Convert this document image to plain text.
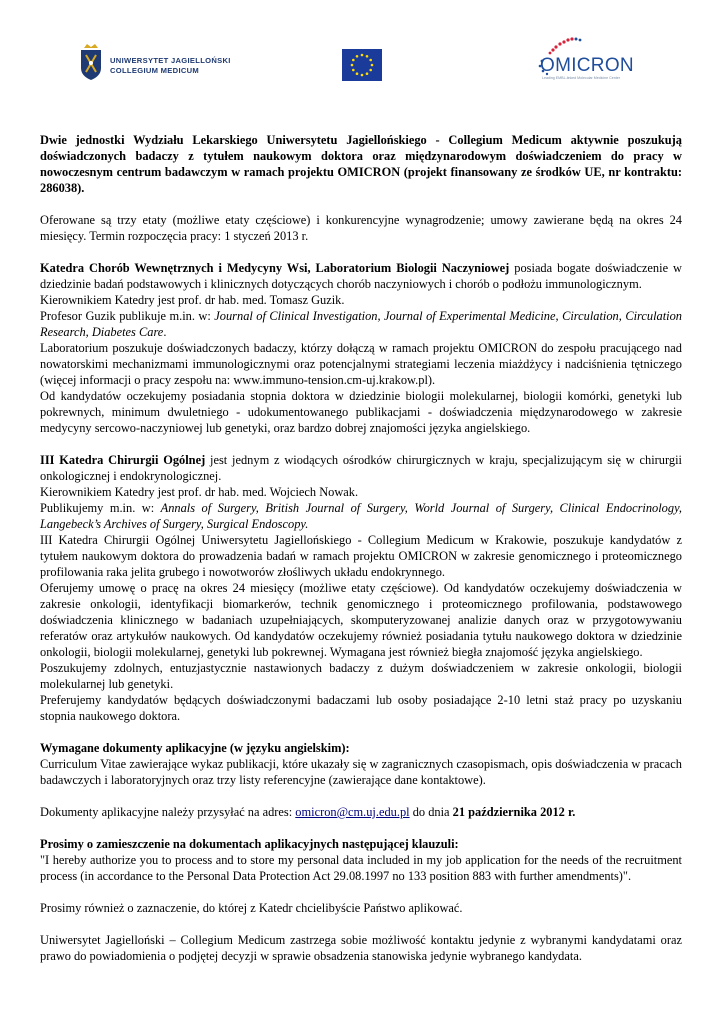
UNIWERSYTET JAGIELLOŃSKI
COLLEGIUM MEDICUM	OMICRON
Leading EMBL-linked Molecular Medicine Center

Dwie jednostki Wydziału Lekarskiego Uniwersytetu Jagiellońskiego - Collegium Medicum aktywnie poszukują doświadczonych badaczy z tytułem naukowym doktora oraz międzynarodowym doświadczeniem do pracy w nowoczesnym centrum badawczym w ramach projektu OMICRON (projekt finansowany ze środków UE, nr kontraktu: 286038).

Oferowane są trzy etaty (możliwe etaty częściowe) i konkurencyjne wynagrodzenie; umowy zawierane będą na okres 24 miesięcy. Termin rozpoczęcia pracy: 1 styczeń 2013 r.

Katedra Chorób Wewnętrznych i Medycyny Wsi, Laboratorium Biologii Naczyniowej posiada bogate doświadczenie w dziedzinie badań podstawowych i klinicznych dotyczących chorób naczyniowych i chorób o podłożu immunologicznym.

Kierownikiem Katedry jest prof. dr hab. med. Tomasz Guzik.

Profesor Guzik publikuje m.in. w: Journal of Clinical Investigation, Journal of Experimental Medicine, Circulation, Circulation Research, Diabetes Care.

Laboratorium poszukuje doświadczonych badaczy, którzy dołączą w ramach projektu OMICRON do zespołu pracującego nad nowatorskimi mechanizmami immunologicznymi oraz potencjalnymi strategiami leczenia miażdżycy i nadciśnienia tętniczego (więcej informacji o pracy zespołu na: www.immuno-tension.cm-uj.krakow.pl).

Od kandydatów oczekujemy posiadania stopnia doktora w dziedzinie biologii molekularnej, biologii komórki, genetyki lub pokrewnych, minimum dwuletniego - udokumentowanego publikacjami - doświadczenia międzynarodowego w zakresie medycyny sercowo-naczyniowej lub genetyki, oraz bardzo dobrej znajomości języka angielskiego.

III Katedra Chirurgii Ogólnej jest jednym z wiodących ośrodków chirurgicznych w kraju, specjalizującym się w chirurgii onkologicznej i endokrynologicznej.

Kierownikiem Katedry jest prof. dr hab. med. Wojciech Nowak.

Publikujemy m.in. w: Annals of Surgery, British Journal of Surgery, World Journal of Surgery, Clinical Endocrinology, Langebeck’s Archives of Surgery, Surgical Endoscopy.

III Katedra Chirurgii Ogólnej Uniwersytetu Jagiellońskiego - Collegium Medicum w Krakowie, poszukuje kandydatów z tytułem naukowym doktora do prowadzenia badań w ramach projektu OMICRON w zakresie genomicznego i proteomicznego profilowania raka jelita grubego i nowotworów złośliwych układu endokrynnego.

Oferujemy umowę o pracę na okres 24 miesięcy (możliwe etaty częściowe). Od kandydatów oczekujemy doświadczenia w zakresie onkologii, identyfikacji biomarkerów, technik genomicznego i proteomicznego profilowania, podstawowego doświadczenia klinicznego w badaniach uzupełniających, skomputeryzowanej analizie danych oraz w przygotowywaniu referatów oraz artykułów naukowych. Od kandydatów oczekujemy również posiadania tytułu naukowego doktora w dziedzinie onkologii, biologii molekularnej, genetyki lub pokrewnej. Wymagana jest również biegła znajomość języka angielskiego.

Poszukujemy zdolnych, entuzjastycznie nastawionych badaczy z dużym doświadczeniem w zakresie onkologii, biologii molekularnej lub genetyki.

Preferujemy kandydatów będących doświadczonymi badaczami lub osoby posiadające 2-10 letni staż pracy po uzyskaniu stopnia naukowego doktora.

Wymagane dokumenty aplikacyjne (w języku angielskim):

Curriculum Vitae zawierające wykaz publikacji, które ukazały się w zagranicznych czasopismach, opis doświadczenia w pracach badawczych i laboratoryjnych oraz trzy listy referencyjne (zawierające dane kontaktowe).

Dokumenty aplikacyjne należy przysyłać na adres: omicron@cm.uj.edu.pl do dnia 21 października 2012 r.

Prosimy o zamieszczenie na dokumentach aplikacyjnych następującej klauzuli:

"I hereby authorize you to process and to store my personal data included in my job application for the needs of the recruitment process (in accordance to the Personal Data Protection Act 29.08.1997 no 133 position 883 with further amendments)".

Prosimy również o zaznaczenie, do której z Katedr chcielibyście Państwo aplikować.

Uniwersytet Jagielloński – Collegium Medicum zastrzega sobie możliwość kontaktu jedynie z wybranymi kandydatami oraz prawo do powiadomienia o podjętej decyzji w sprawie obsadzenia stanowiska jedynie wybranego kandydata.
